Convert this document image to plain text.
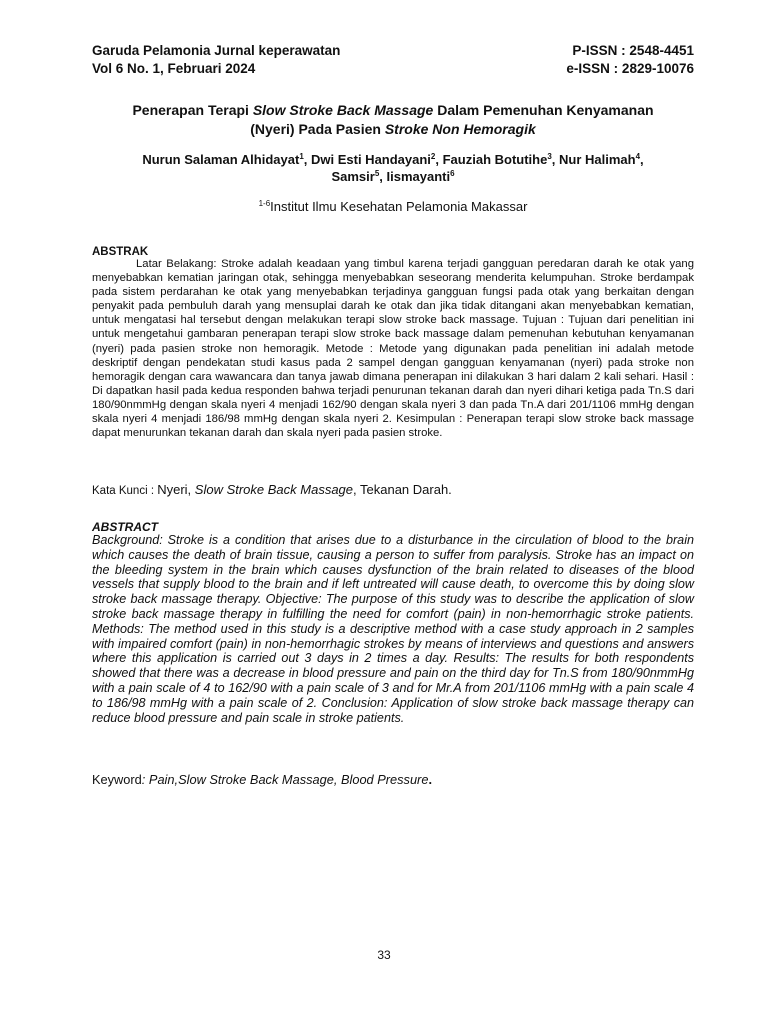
Garuda Pelamonia Jurnal keperawatan	P-ISSN : 2548-4451
Vol 6 No. 1, Februari 2024	e-ISSN : 2829-10076
Penerapan Terapi Slow Stroke Back Massage Dalam Pemenuhan Kenyamanan
(Nyeri) Pada Pasien Stroke Non Hemoragik
Nurun Salaman Alhidayat$^1$, Dwi Esti Handayani$^2$, Fauziah Botutihe$^3$, Nur Halimah$^4$,
Samsir$^5$, Iismayanti$^6$
$^{1-6}$Institut Ilmu Kesehatan Pelamonia Makassar
ABSTRAK

Latar Belakang: Stroke adalah keadaan yang timbul karena terjadi gangguan peredaran darah ke otak yang menyebabkan kematian jaringan otak, sehingga menyebabkan seseorang menderita kelumpuhan. Stroke berdampak pada sistem perdarahan ke otak yang menyebabkan terjadinya gangguan fungsi pada otak yang berkaitan dengan penyakit pada pembuluh darah yang mensuplai darah ke otak dan jika tidak ditangani akan menyebabkan kematian, untuk mengatasi hal tersebut dengan melakukan terapi slow stroke back massage. Tujuan : Tujuan dari penelitian ini untuk mengetahui gambaran penerapan terapi slow stroke back massage dalam pemenuhan kebutuhan kenyamanan (nyeri) pada pasien stroke non hemoragik. Metode : Metode yang digunakan pada penelitian ini adalah metode deskriptif dengan pendekatan studi kasus pada 2 sampel dengan gangguan kenyamanan (nyeri) pada stroke non hemoragik dengan cara wawancara dan tanya jawab dimana penerapan ini dilakukan 3 hari dalam 2 kali sehari. Hasil : Di dapatkan hasil pada kedua responden bahwa terjadi penurunan tekanan darah dan nyeri dihari ketiga pada Tn.S dari 180/90nmmHg dengan skala nyeri 4 menjadi 162/90 dengan skala nyeri 3 dan pada Tn.A dari 201/1106 mmHg dengan skala nyeri 4 menjadi 186/98 mmHg dengan skala nyeri 2. Kesimpulan : Penerapan terapi slow stroke back massage dapat menurunkan tekanan darah dan skala nyeri pada pasien stroke.

Kata Kunci : Nyeri, Slow Stroke Back Massage, Tekanan Darah.
ABSTRACT

Background: Stroke is a condition that arises due to a disturbance in the circulation of blood to the brain which causes the death of brain tissue, causing a person to suffer from paralysis. Stroke has an impact on the bleeding system in the brain which causes dysfunction of the brain related to diseases of the blood vessels that supply blood to the brain and if left untreated will cause death, to overcome this by doing slow stroke back massage therapy. Objective: The purpose of this study was to describe the application of slow stroke back massage therapy in fulfilling the need for comfort (pain) in non-hemorrhagic stroke patients. Methods: The method used in this study is a descriptive method with a case study approach in 2 samples with impaired comfort (pain) in non-hemorrhagic strokes by means of interviews and questions and answers where this application is carried out 3 days in 2 times a day. Results: The results for both respondents showed that there was a decrease in blood pressure and pain on the third day for Tn.S from 180/90nmmHg with a pain scale of 4 to 162/90 with a pain scale of 3 and for Mr.A from 201/1106 mmHg with a pain scale 4 to 186/98 mmHg with a pain scale of 2. Conclusion: Application of slow stroke back massage therapy can reduce blood pressure and pain scale in stroke patients.

Keyword: Pain,Slow Stroke Back Massage, Blood Pressure.
33
